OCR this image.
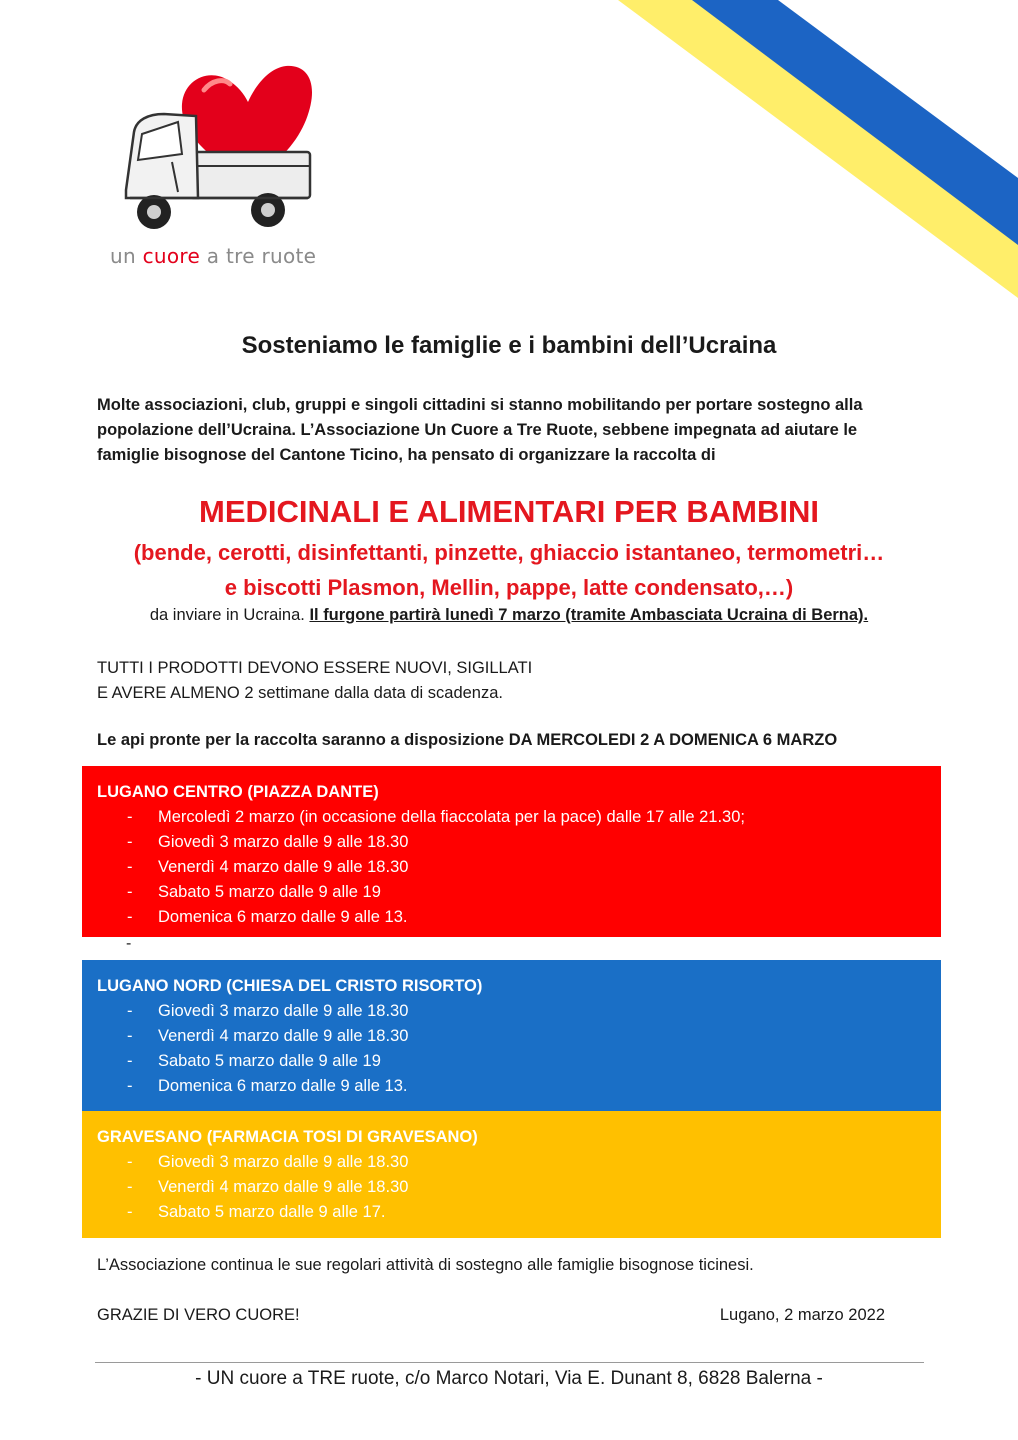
un cuore a tre ruote
Sosteniamo le famiglie e i bambini dell’Ucraina
Molte associazioni, club, gruppi e singoli cittadini si stanno mobilitando per portare sostegno alla
popolazione dell’Ucraina. L’Associazione Un Cuore a Tre Ruote, sebbene impegnata ad aiutare le
famiglie bisognose del Cantone Ticino, ha pensato di organizzare la raccolta di
MEDICINALI E ALIMENTARI PER BAMBINI
(bende, cerotti, disinfettanti, pinzette, ghiaccio istantaneo, termometri…
e biscotti Plasmon, Mellin, pappe, latte condensato,…)
da inviare in Ucraina. Il furgone partirà lunedì 7 marzo (tramite Ambasciata Ucraina di Berna).
TUTTI I PRODOTTI DEVONO ESSERE NUOVI, SIGILLATI
E AVERE ALMENO 2 settimane dalla data di scadenza.
Le api pronte per la raccolta saranno a disposizione DA MERCOLEDI 2 A DOMENICA 6 MARZO
LUGANO CENTRO (PIAZZA DANTE)
- Mercoledì 2 marzo (in occasione della fiaccolata per la pace) dalle 17 alle 21.30;
- Giovedì 3 marzo dalle 9 alle 18.30
- Venerdì 4 marzo dalle 9 alle 18.30
- Sabato 5 marzo dalle 9 alle 19
- Domenica 6 marzo dalle 9 alle 13.
-
LUGANO NORD (CHIESA DEL CRISTO RISORTO)
- Giovedì 3 marzo dalle 9 alle 18.30
- Venerdì 4 marzo dalle 9 alle 18.30
- Sabato 5 marzo dalle 9 alle 19
- Domenica 6 marzo dalle 9 alle 13.
GRAVESANO (FARMACIA TOSI DI GRAVESANO)
- Giovedì 3 marzo dalle 9 alle 18.30
- Venerdì 4 marzo dalle 9 alle 18.30
- Sabato 5 marzo dalle 9 alle 17.
L’Associazione continua le sue regolari attività di sostegno alle famiglie bisognose ticinesi.
GRAZIE DI VERO CUORE!	Lugano, 2 marzo 2022
- UN cuore a TRE ruote, c/o Marco Notari, Via E. Dunant 8, 6828 Balerna -
